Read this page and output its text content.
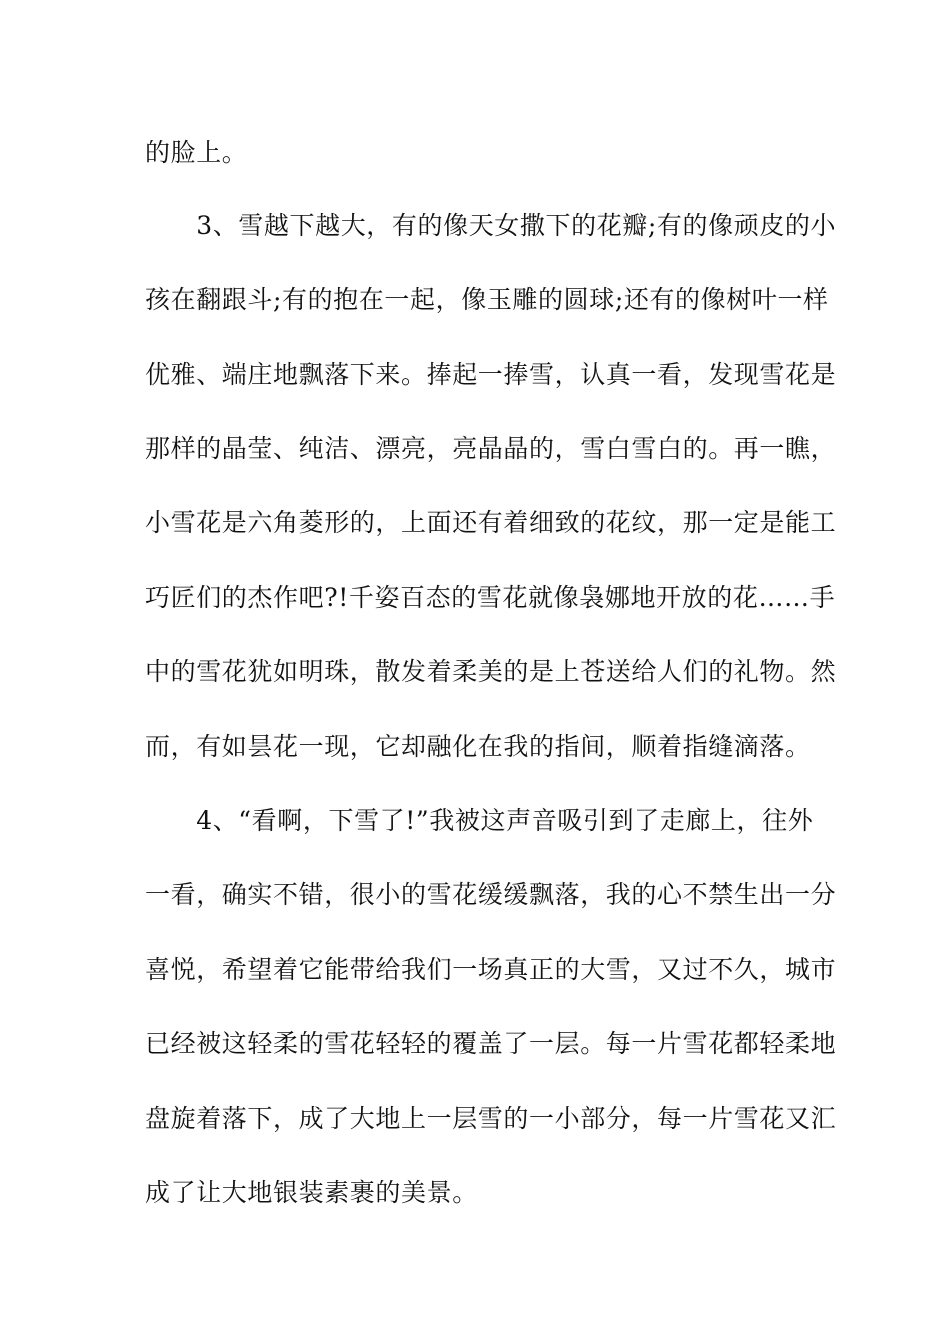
的脸上。
　　3、雪越下越大，有的像天女撒下的花瓣;有的像顽皮的小
孩在翻跟斗;有的抱在一起，像玉雕的圆球;还有的像树叶一样
优雅、端庄地飘落下来。捧起一捧雪，认真一看，发现雪花是
那样的晶莹、纯洁、漂亮，亮晶晶的，雪白雪白的。再一瞧，
小雪花是六角菱形的，上面还有着细致的花纹，那一定是能工
巧匠们的杰作吧?!千姿百态的雪花就像袅娜地开放的花……手
中的雪花犹如明珠，散发着柔美的是上苍送给人们的礼物。然
而，有如昙花一现，它却融化在我的指间，顺着指缝滴落。
　　4、“看啊，下雪了!”我被这声音吸引到了走廊上，往外
一看，确实不错，很小的雪花缓缓飘落，我的心不禁生出一分
喜悦，希望着它能带给我们一场真正的大雪，又过不久，城市
已经被这轻柔的雪花轻轻的覆盖了一层。每一片雪花都轻柔地
盘旋着落下，成了大地上一层雪的一小部分，每一片雪花又汇
成了让大地银装素裹的美景。
